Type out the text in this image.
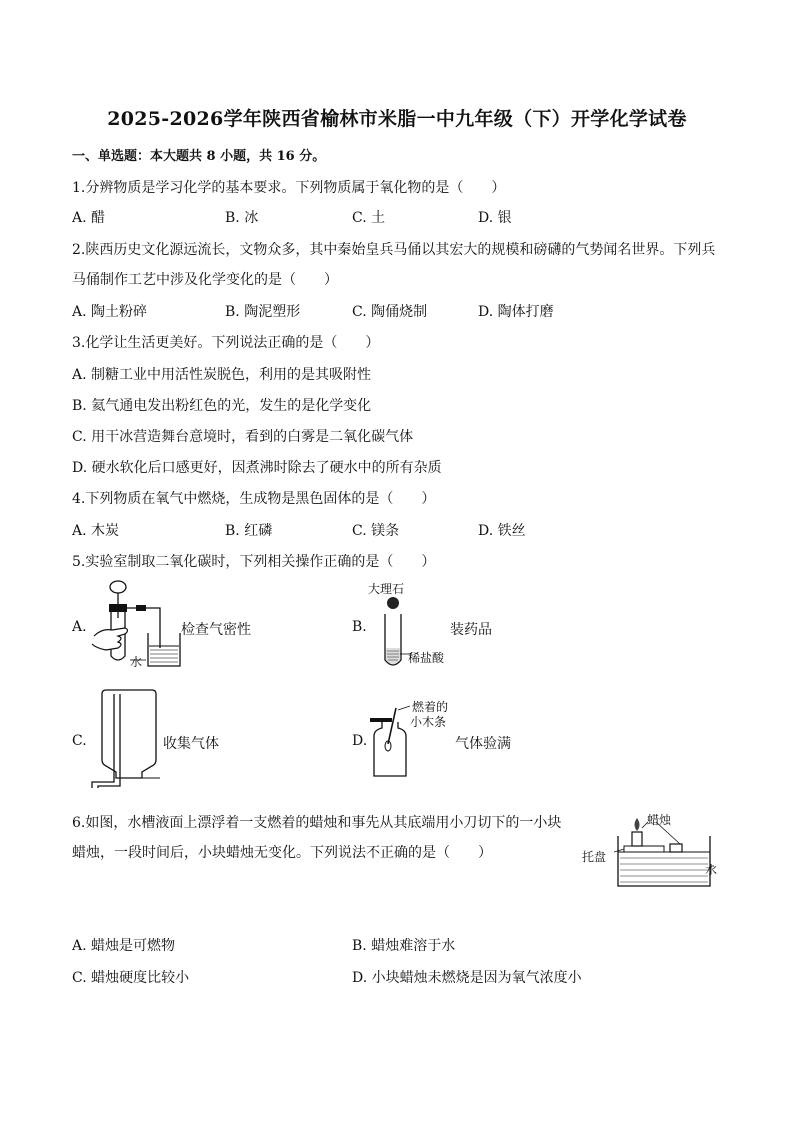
2025-2026学年陕西省榆林市米脂一中九年级（下）开学化学试卷
一、单选题：本大题共 8 小题，共 16 分。
1.分辨物质是学习化学的基本要求。下列物质属于氧化物的是（　　）
A. 醋	B. 冰	C. 土	D. 银
2.陕西历史文化源远流长，文物众多，其中秦始皇兵马俑以其宏大的规模和磅礴的气势闻名世界。下列兵
马俑制作工艺中涉及化学变化的是（　　）
A. 陶土粉碎	B. 陶泥塑形	C. 陶俑烧制	D. 陶体打磨
3.化学让生活更美好。下列说法正确的是（　　）
A. 制糖工业中用活性炭脱色，利用的是其吸附性
B. 氦气通电发出粉红色的光，发生的是化学变化
C. 用干冰营造舞台意境时，看到的白雾是二氧化碳气体
D. 硬水软化后口感更好，因煮沸时除去了硬水中的所有杂质
4.下列物质在氧气中燃烧，生成物是黑色固体的是（　　）
A. 木炭	B. 红磷	C. 镁条	D. 铁丝
5.实验室制取二氧化碳时，下列相关操作正确的是（　　）
A.
水
检查气密性	B.
大理石
稀盐酸
装药品
C.	收集气体	D.
燃着的
小木条
气体验满
6.如图，水槽液面上漂浮着一支燃着的蜡烛和事先从其底端用小刀切下的一小块
蜡烛，一段时间后，小块蜡烛无变化。下列说法不正确的是（　　）
蜡烛
托盘
水
A. 蜡烛是可燃物	B. 蜡烛难溶于水
C. 蜡烛硬度比较小	D. 小块蜡烛未燃烧是因为氧气浓度小
